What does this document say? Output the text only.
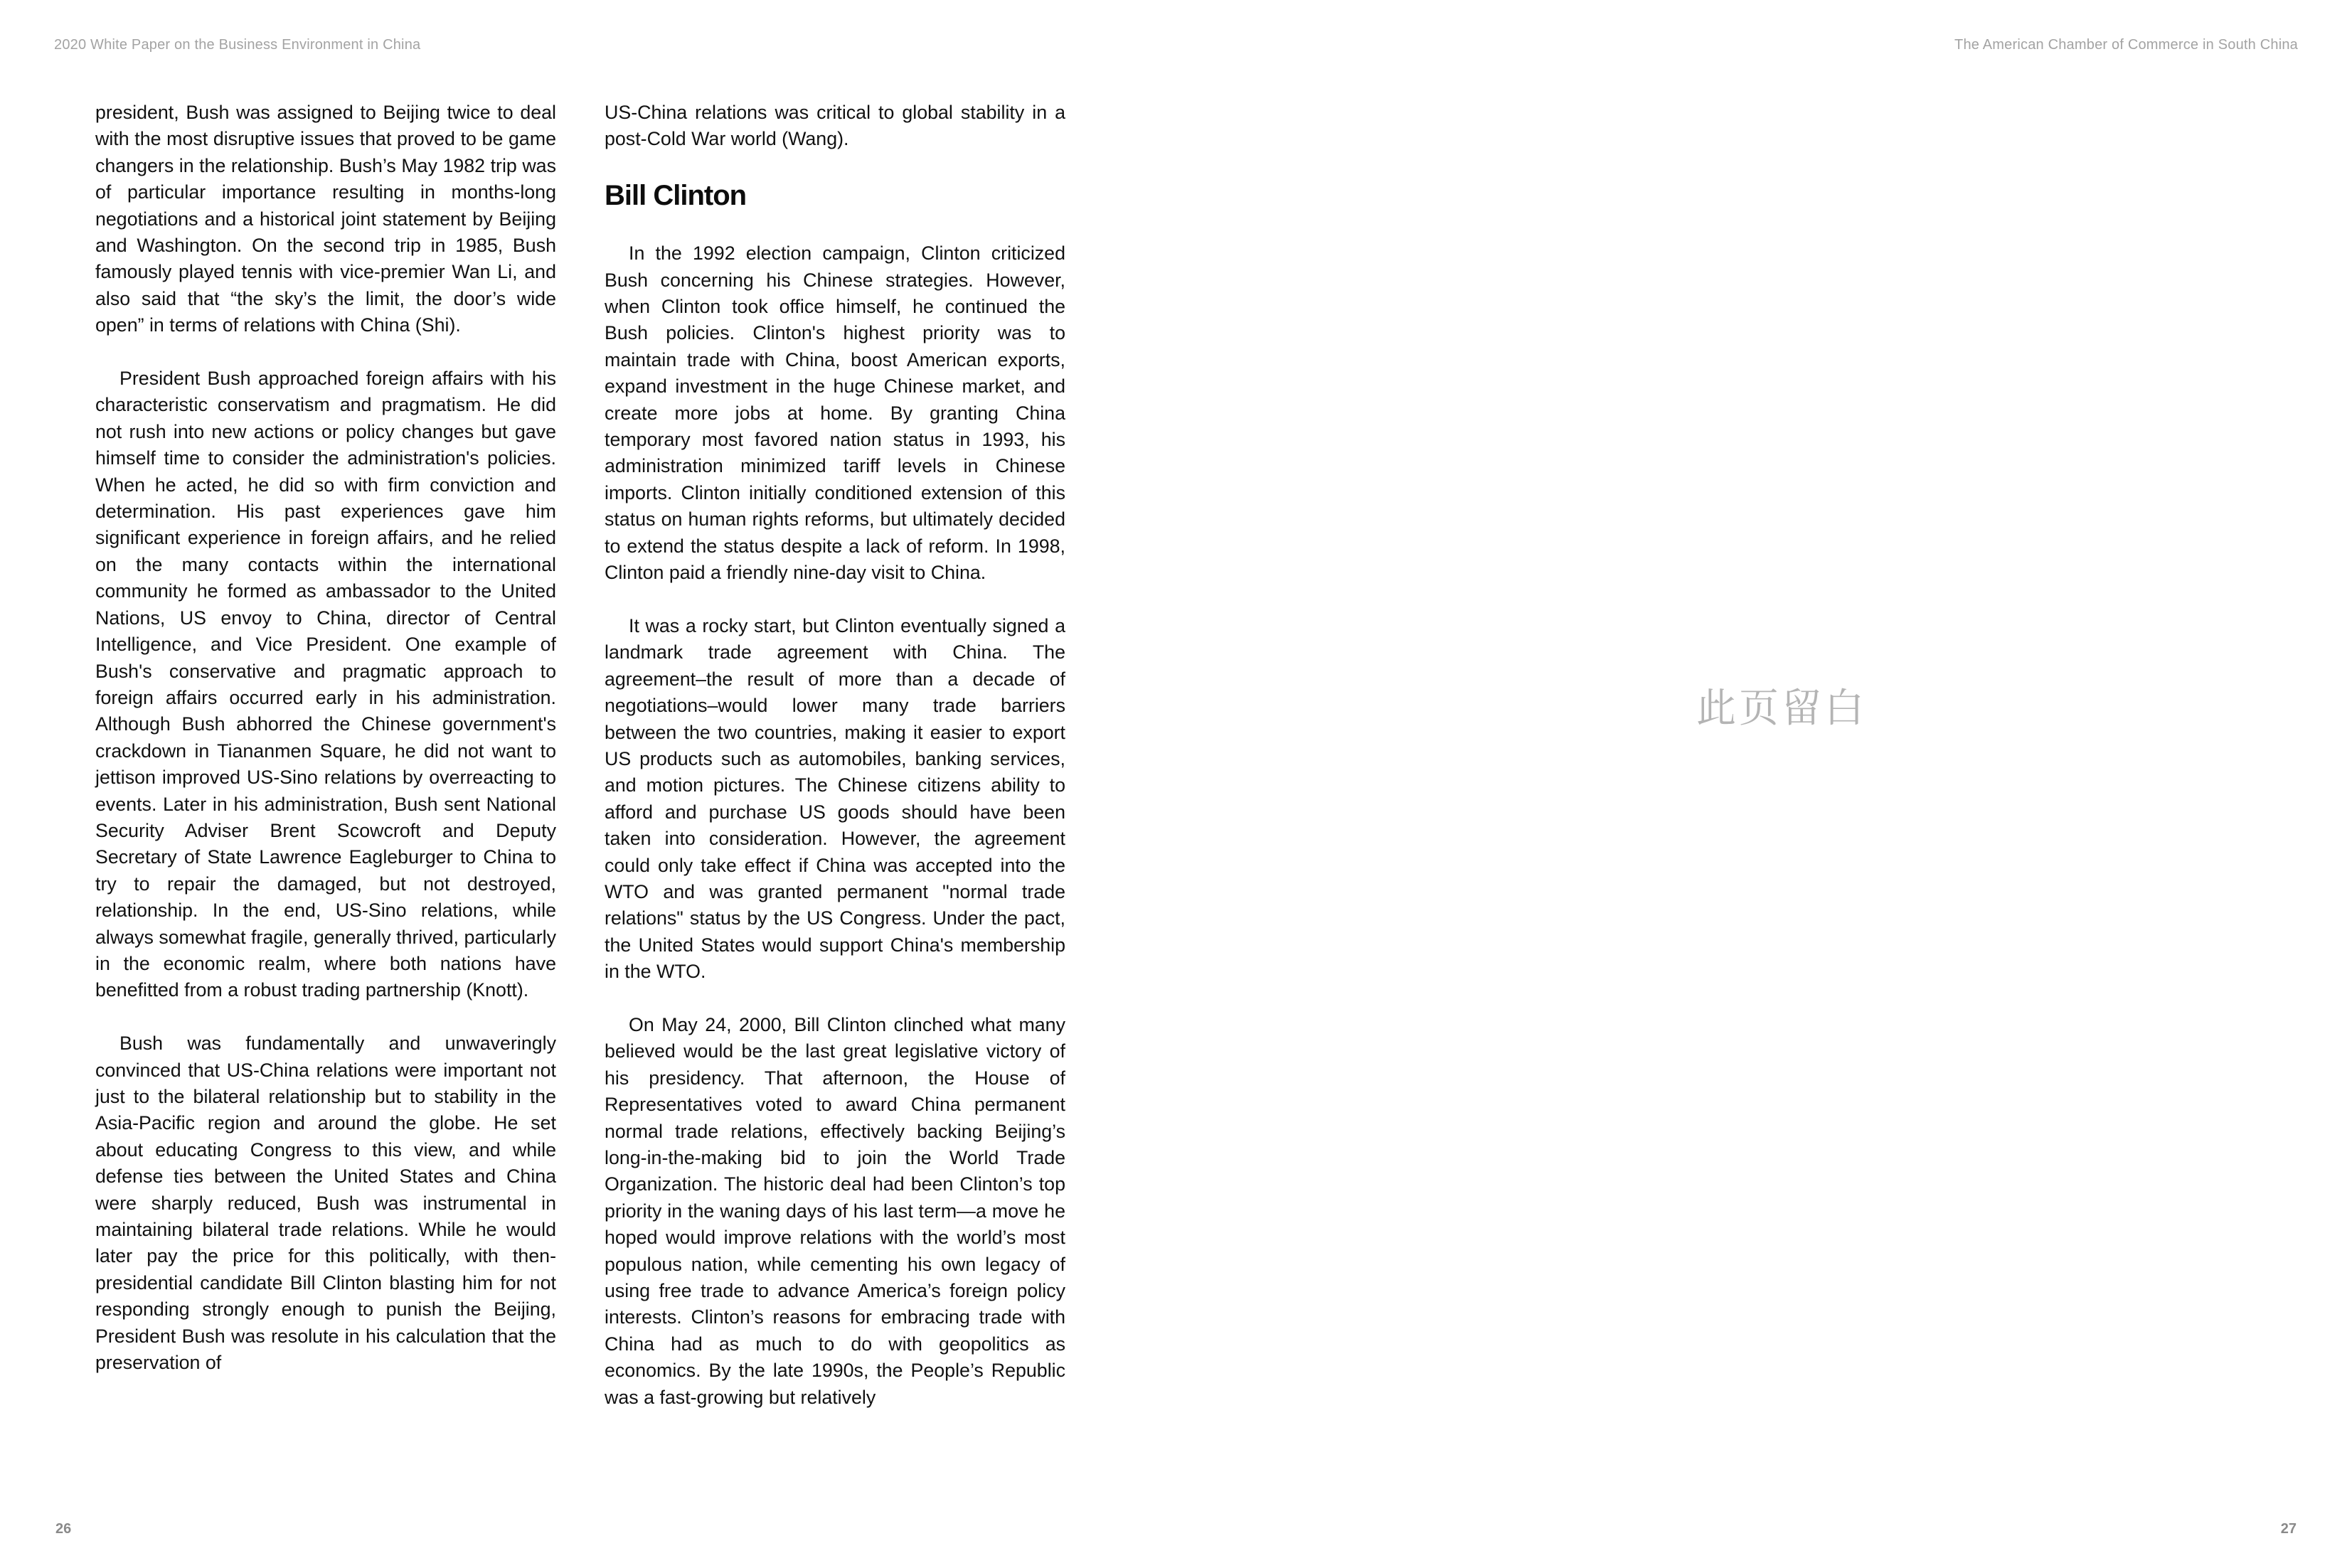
2020 White Paper on the Business Environment in China	The American Chamber of Commerce in South China

president, Bush was assigned to Beijing twice to deal with the most disruptive issues that proved to be game changers in the relationship. Bush’s May 1982 trip was of particular importance resulting in months-long negotiations and a historical joint statement by Beijing and Washington. On the second trip in 1985, Bush famously played tennis with vice-premier Wan Li, and also said that “the sky’s the limit, the door’s wide open” in terms of relations with China (Shi).

President Bush approached foreign affairs with his characteristic conservatism and pragmatism. He did not rush into new actions or policy changes but gave himself time to consider the administration's policies. When he acted, he did so with firm conviction and determination. His past experiences gave him significant experience in foreign affairs, and he relied on the many contacts within the international community he formed as ambassador to the United Nations, US envoy to China, director of Central Intelligence, and Vice President. One example of Bush's conservative and pragmatic approach to foreign affairs occurred early in his administration. Although Bush abhorred the Chinese government's crackdown in Tiananmen Square, he did not want to jettison improved US-Sino relations by overreacting to events. Later in his administration, Bush sent National Security Adviser Brent Scowcroft and Deputy Secretary of State Lawrence Eagleburger to China to try to repair the damaged, but not destroyed, relationship. In the end, US-Sino relations, while always somewhat fragile, generally thrived, particularly in the economic realm, where both nations have benefitted from a robust trading partnership (Knott).

Bush was fundamentally and unwaveringly convinced that US-China relations were important not just to the bilateral relationship but to stability in the Asia-Pacific region and around the globe. He set about educating Congress to this view, and while defense ties between the United States and China were sharply reduced, Bush was instrumental in maintaining bilateral trade relations. While he would later pay the price for this politically, with then-presidential candidate Bill Clinton blasting him for not responding strongly enough to punish the Beijing, President Bush was resolute in his calculation that the preservation of

US-China relations was critical to global stability in a post-Cold War world (Wang).

Bill Clinton

In the 1992 election campaign, Clinton criticized Bush concerning his Chinese strategies. However, when Clinton took office himself, he continued the Bush policies. Clinton's highest priority was to maintain trade with China, boost American exports, expand investment in the huge Chinese market, and create more jobs at home. By granting China temporary most favored nation status in 1993, his administration minimized tariff levels in Chinese imports. Clinton initially conditioned extension of this status on human rights reforms, but ultimately decided to extend the status despite a lack of reform. In 1998, Clinton paid a friendly nine-day visit to China.

It was a rocky start, but Clinton eventually signed a landmark trade agreement with China. The agreement–the result of more than a decade of negotiations–would lower many trade barriers between the two countries, making it easier to export US products such as automobiles, banking services, and motion pictures. The Chinese citizens ability to afford and purchase US goods should have been taken into consideration. However, the agreement could only take effect if China was accepted into the WTO and was granted permanent "normal trade relations" status by the US Congress. Under the pact, the United States would support China's membership in the WTO.

On May 24, 2000, Bill Clinton clinched what many believed would be the last great legislative victory of his presidency. That afternoon, the House of Representatives voted to award China permanent normal trade relations, effectively backing Beijing’s long-in-the-making bid to join the World Trade Organization. The historic deal had been Clinton’s top priority in the waning days of his last term—a move he hoped would improve relations with the world’s most populous nation, while cementing his own legacy of using free trade to advance America’s foreign policy interests. Clinton’s reasons for embracing trade with China had as much to do with geopolitics as economics. By the late 1990s, the People’s Republic was a fast-growing but relatively

此页留白
26	27
